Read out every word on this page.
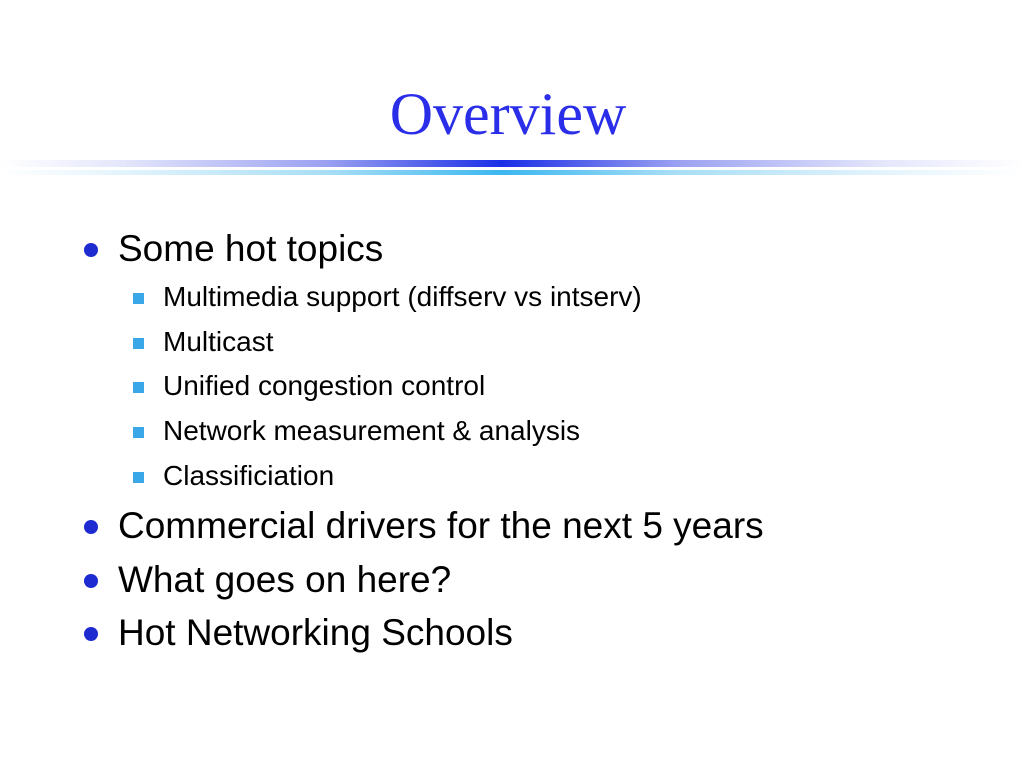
Overview
Some hot topics
Multimedia support (diffserv vs intserv)
Multicast
Unified congestion control
Network measurement & analysis
Classificiation
Commercial drivers for the next 5 years
What goes on here?
Hot Networking Schools
